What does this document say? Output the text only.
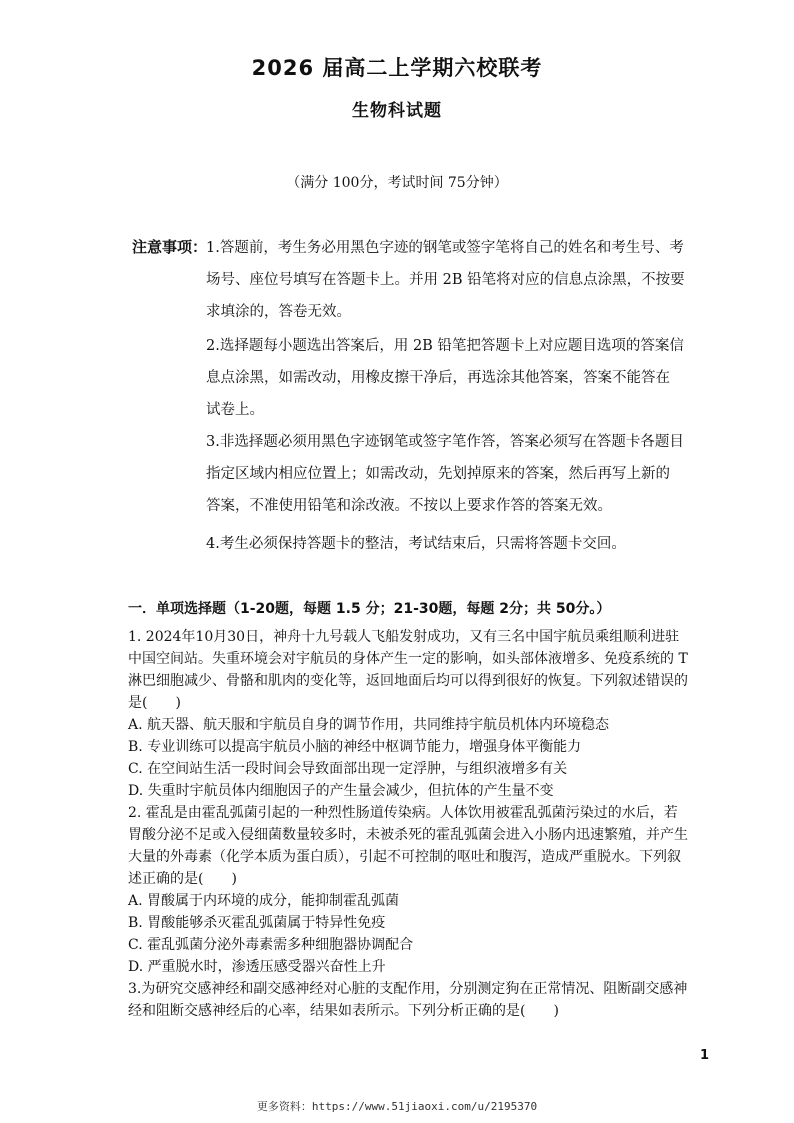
2026 届高二上学期六校联考
生物科试题
（满分 100分，考试时间 75分钟）
注意事项：

1.答题前，考生务必用黑色字迹的钢笔或签字笔将自己的姓名和考生号、考

场号、座位号填写在答题卡上。并用 2B 铅笔将对应的信息点涂黑，不按要

求填涂的，答卷无效。

2.选择题每小题选出答案后，用 2B 铅笔把答题卡上对应题目选项的答案信

息点涂黑，如需改动，用橡皮擦干净后，再选涂其他答案，答案不能答在

试卷上。

3.非选择题必须用黑色字迹钢笔或签字笔作答，答案必须写在答题卡各题目

指定区域内相应位置上；如需改动，先划掉原来的答案，然后再写上新的

答案，不准使用铅笔和涂改液。不按以上要求作答的答案无效。

4.考生必须保持答题卡的整洁，考试结束后，只需将答题卡交回。

一．单项选择题（1-20题，每题 1.5 分；21-30题，每题 2分；共 50分。）

1. 2024年10月30日，神舟十九号载人飞船发射成功，又有三名中国宇航员乘组顺利进驻

中国空间站。失重环境会对宇航员的身体产生一定的影响，如头部体液增多、免疫系统的 T

淋巴细胞减少、骨骼和肌肉的变化等，返回地面后均可以得到很好的恢复。下列叙述错误的

是(　　)

A. 航天器、航天服和宇航员自身的调节作用，共同维持宇航员机体内环境稳态

B. 专业训练可以提高宇航员小脑的神经中枢调节能力，增强身体平衡能力

C. 在空间站生活一段时间会导致面部出现一定浮肿，与组织液增多有关

D. 失重时宇航员体内细胞因子的产生量会减少，但抗体的产生量不变

2. 霍乱是由霍乱弧菌引起的一种烈性肠道传染病。人体饮用被霍乱弧菌污染过的水后，若

胃酸分泌不足或入侵细菌数量较多时，未被杀死的霍乱弧菌会进入小肠内迅速繁殖，并产生

大量的外毒素（化学本质为蛋白质），引起不可控制的呕吐和腹泻，造成严重脱水。下列叙

述正确的是(　　)

A. 胃酸属于内环境的成分，能抑制霍乱弧菌

B. 胃酸能够杀灭霍乱弧菌属于特异性免疫

C. 霍乱弧菌分泌外毒素需多种细胞器协调配合

D. 严重脱水时，渗透压感受器兴奋性上升

3.为研究交感神经和副交感神经对心脏的支配作用，分别测定狗在正常情况、阻断副交感神

经和阻断交感神经后的心率，结果如表所示。下列分析正确的是(　　)

1
更多资料：https://www.51jiaoxi.com/u/2195370
